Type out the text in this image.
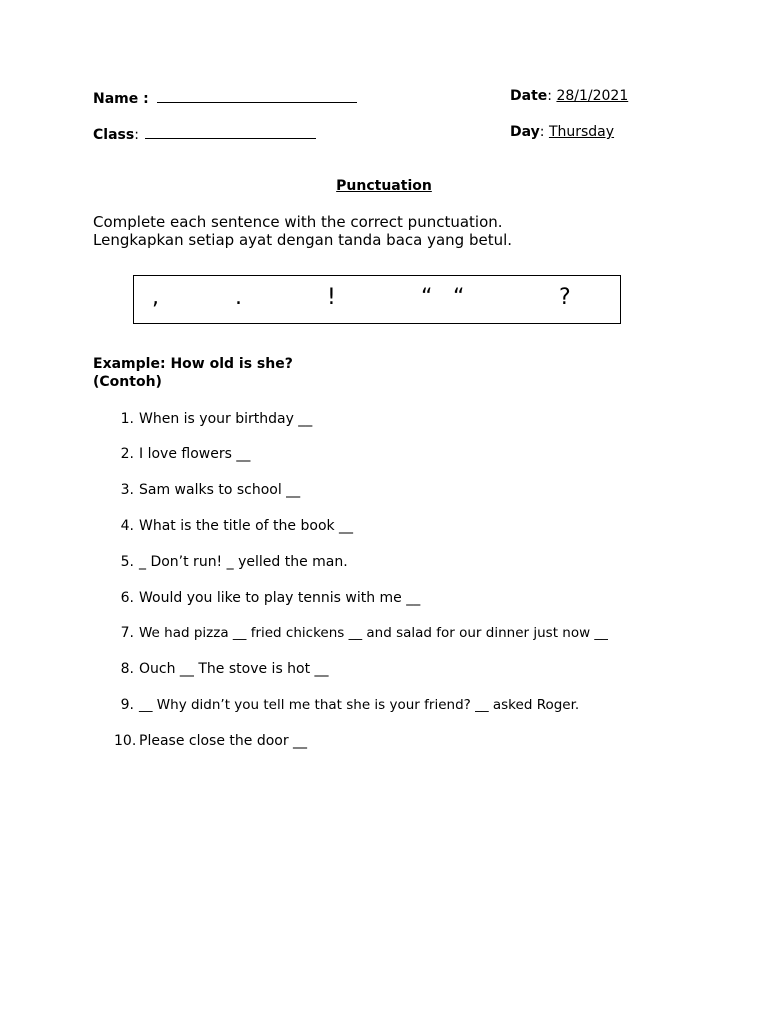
Name :	Date: 28/1/2021
Class:	Day: Thursday
Punctuation
Complete each sentence with the correct punctuation.
Lengkapkan setiap ayat dengan tanda baca yang betul.
,	.	!	“ “	?
Example: How old is she?
(Contoh)
1. When is your birthday __
2. I love flowers __
3. Sam walks to school __
4. What is the title of the book __
5. _ Don’t run! _ yelled the man.
6. Would you like to play tennis with me __
7. We had pizza __ fried chickens __ and salad for our dinner just now __
8. Ouch __ The stove is hot __
9. __ Why didn’t you tell me that she is your friend? __ asked Roger.
10. Please close the door __
